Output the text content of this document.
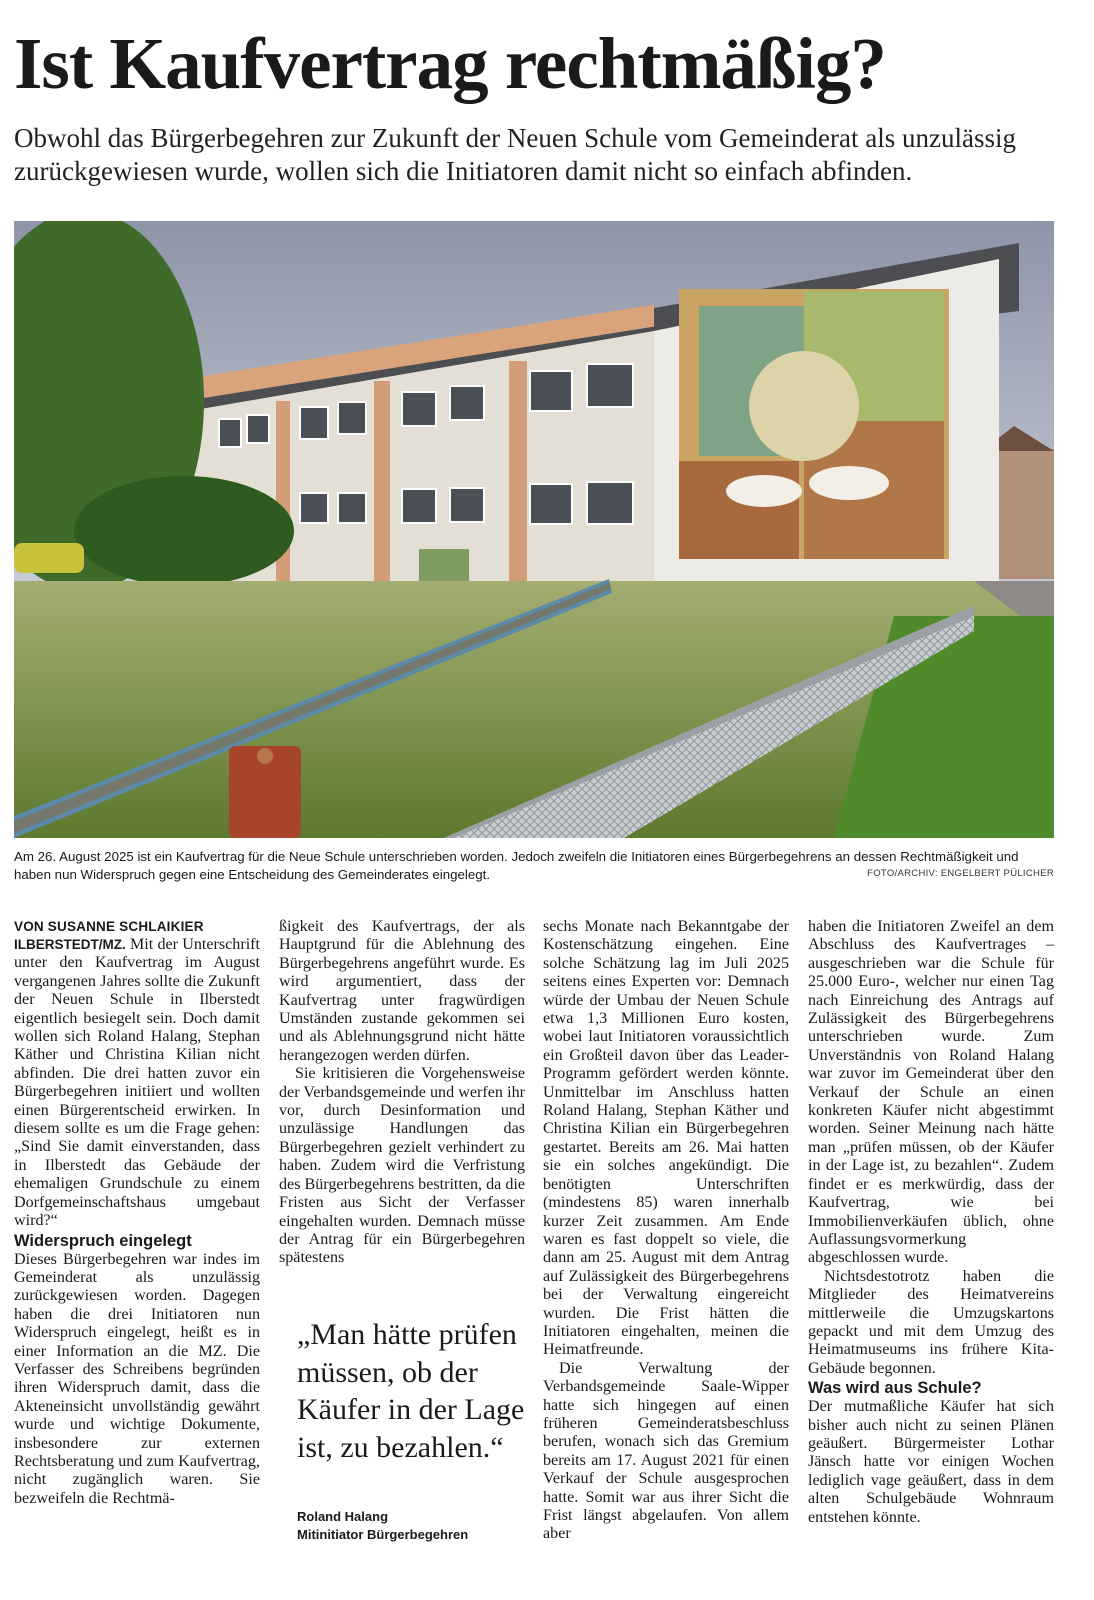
Ist Kaufvertrag rechtmäßig?

Obwohl das Bürgerbegehren zur Zukunft der Neuen Schule vom Gemeinderat als unzulässig zurückgewiesen wurde, wollen sich die Initiatoren damit nicht so einfach abfinden.

Am 26. August 2025 ist ein Kaufvertrag für die Neue Schule unterschrieben worden. Jedoch zweifeln die Initiatoren eines Bürgerbegehrens an dessen Rechtmäßigkeit und haben nun Widerspruch gegen eine Entscheidung des Gemeinderates eingelegt.	FOTO/ARCHIV: ENGELBERT PÜLICHER

VON SUSANNE SCHLAIKIER

ILBERSTEDT/MZ. Mit der Unterschrift unter den Kaufvertrag im August vergangenen Jahres sollte die Zukunft der Neuen Schule in Ilberstedt eigentlich besiegelt sein. Doch damit wollen sich Roland Halang, Stephan Käther und Christina Kilian nicht abfinden. Die drei hatten zuvor ein Bürgerbegehren initiiert und wollten einen Bürgerentscheid erwirken. In diesem sollte es um die Frage gehen: „Sind Sie damit einverstanden, dass in Ilberstedt das Gebäude der ehemaligen Grundschule zu einem Dorfgemeinschaftshaus umgebaut wird?“

Widerspruch eingelegt

Dieses Bürgerbegehren war indes im Gemeinderat als unzulässig zurückgewiesen worden. Dagegen haben die drei Initiatoren nun Widerspruch eingelegt, heißt es in einer Information an die MZ. Die Verfasser des Schreibens begründen ihren Widerspruch damit, dass die Akteneinsicht unvollständig gewährt wurde und wichtige Dokumente, insbesondere zur externen Rechtsberatung und zum Kaufvertrag, nicht zugänglich waren. Sie bezweifeln die Rechtmä-

ßigkeit des Kaufvertrags, der als Hauptgrund für die Ablehnung des Bürgerbegehrens angeführt wurde. Es wird argumentiert, dass der Kaufvertrag unter fragwürdigen Umständen zustande gekommen sei und als Ablehnungsgrund nicht hätte herangezogen werden dürfen.

Sie kritisieren die Vorgehensweise der Verbandsgemeinde und werfen ihr vor, durch Desinformation und unzulässige Handlungen das Bürgerbegehren gezielt verhindert zu haben. Zudem wird die Verfristung des Bürgerbegehrens bestritten, da die Fristen aus Sicht der Verfasser eingehalten wurden. Demnach müsse der Antrag für ein Bürgerbegehren spätestens

sechs Monate nach Bekanntgabe der Kostenschätzung eingehen. Eine solche Schätzung lag im Juli 2025 seitens eines Experten vor: Demnach würde der Umbau der Neuen Schule etwa 1,3 Millionen Euro kosten, wobei laut Initiatoren voraussichtlich ein Großteil davon über das Leader-Programm gefördert werden könnte. Unmittelbar im Anschluss hatten Roland Halang, Stephan Käther und Christina Kilian ein Bürgerbegehren gestartet. Bereits am 26. Mai hatten sie ein solches angekündigt. Die benötigten Unterschriften (mindestens 85) waren innerhalb kurzer Zeit zusammen. Am Ende waren es fast doppelt so viele, die dann am 25. August mit dem Antrag auf Zulässigkeit des Bürgerbegehrens bei der Verwaltung eingereicht wurden. Die Frist hätten die Initiatoren eingehalten, meinen die Heimatfreunde.

Die Verwaltung der Verbandsgemeinde Saale-Wipper hatte sich hingegen auf einen früheren Gemeinderatsbeschluss berufen, wonach sich das Gremium bereits am 17. August 2021 für einen Verkauf der Schule ausgesprochen hatte. Somit war aus ihrer Sicht die Frist längst abgelaufen. Von allem aber

haben die Initiatoren Zweifel an dem Abschluss des Kaufvertrages – ausgeschrieben war die Schule für 25.000 Euro-, welcher nur einen Tag nach Einreichung des Antrags auf Zulässigkeit des Bürgerbegehrens unterschrieben wurde. Zum Unverständnis von Roland Halang war zuvor im Gemeinderat über den Verkauf der Schule an einen konkreten Käufer nicht abgestimmt worden. Seiner Meinung nach hätte man „prüfen müssen, ob der Käufer in der Lage ist, zu bezahlen“. Zudem findet er es merkwürdig, dass der Kaufvertrag, wie bei Immobilienverkäufen üblich, ohne Auflassungsvormerkung abgeschlossen wurde.

Nichtsdestotrotz haben die Mitglieder des Heimatvereins mittlerweile die Umzugskartons gepackt und mit dem Umzug des Heimatmuseums ins frühere Kita-Gebäude begonnen.

Was wird aus Schule?

Der mutmaßliche Käufer hat sich bisher auch nicht zu seinen Plänen geäußert. Bürgermeister Lothar Jänsch hatte vor einigen Wochen lediglich vage geäußert, dass in dem alten Schulgebäude Wohnraum entstehen könnte.

„Man hätte prüfen müssen, ob der Käufer in der Lage ist, zu bezahlen.“
Roland Halang
Mitinitiator Bürgerbegehren
